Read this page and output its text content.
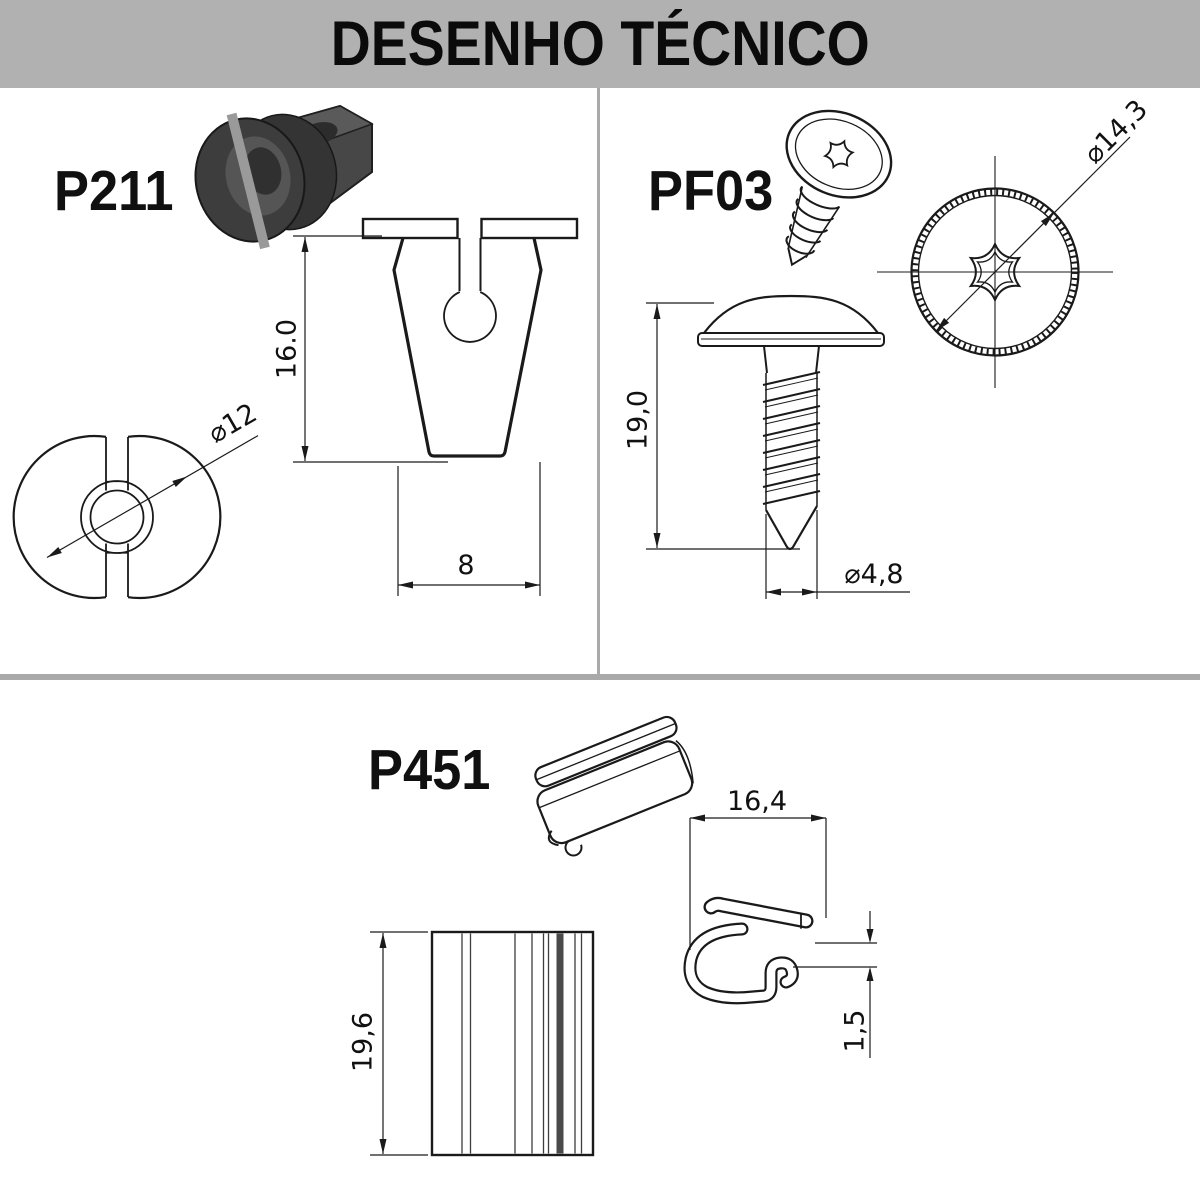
DESENHO TÉCNICO
P211	PF03
P451
16.0
8
⌀12
⌀14,3
19,0
⌀4,8
19,6
16,4
1,5
